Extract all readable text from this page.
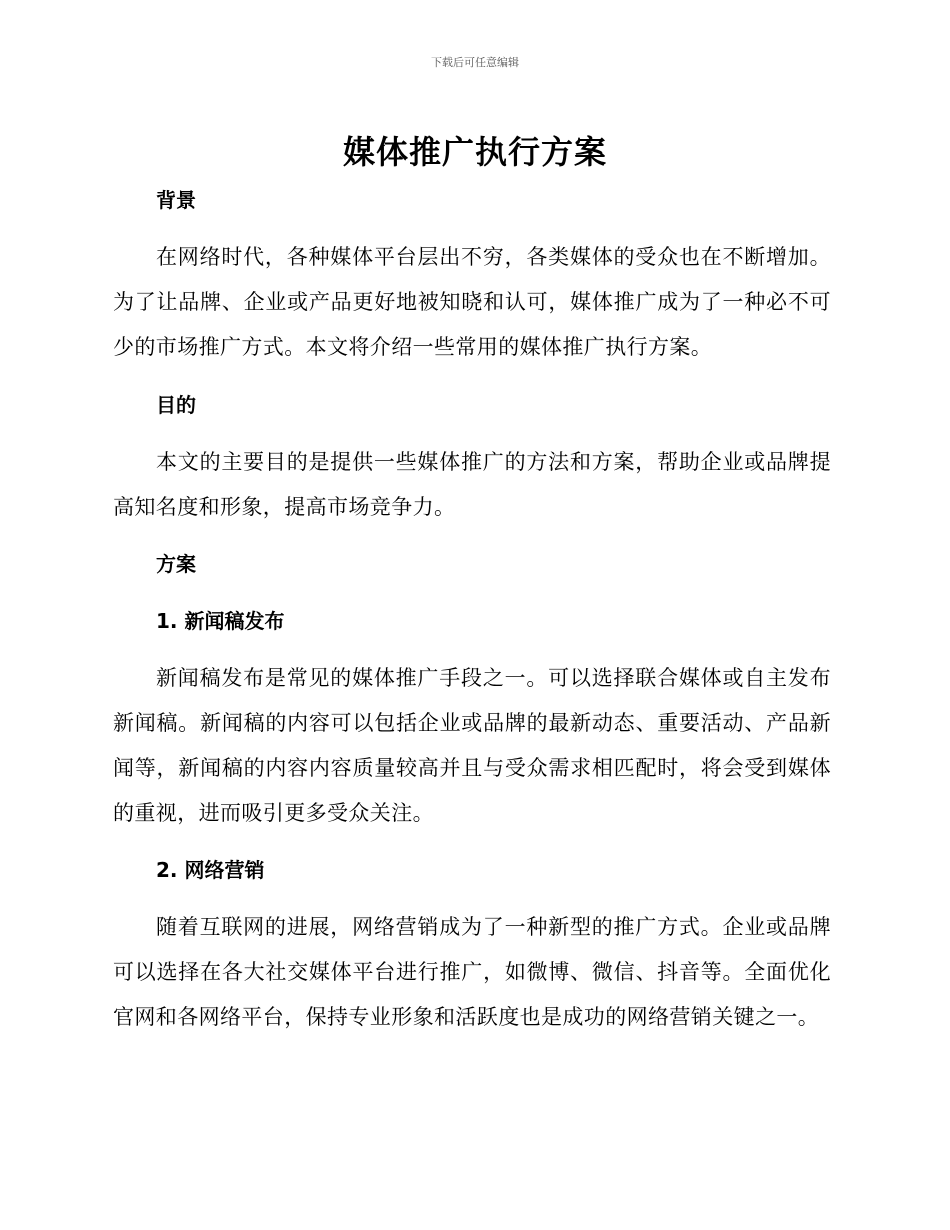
下载后可任意编辑
媒体推广执行方案
背景

在网络时代，各种媒体平台层出不穷，各类媒体的受众也在不断增加。为了让品牌、企业或产品更好地被知晓和认可，媒体推广成为了一种必不可少的市场推广方式。本文将介绍一些常用的媒体推广执行方案。

目的

本文的主要目的是提供一些媒体推广的方法和方案，帮助企业或品牌提高知名度和形象，提高市场竞争力。

方案
1. 新闻稿发布

新闻稿发布是常见的媒体推广手段之一。可以选择联合媒体或自主发布新闻稿。新闻稿的内容可以包括企业或品牌的最新动态、重要活动、产品新闻等，新闻稿的内容内容质量较高并且与受众需求相匹配时，将会受到媒体的重视，进而吸引更多受众关注。

2. 网络营销

随着互联网的进展，网络营销成为了一种新型的推广方式。企业或品牌可以选择在各大社交媒体平台进行推广，如微博、微信、抖音等。全面优化官网和各网络平台，保持专业形象和活跃度也是成功的网络营销关键之一。
